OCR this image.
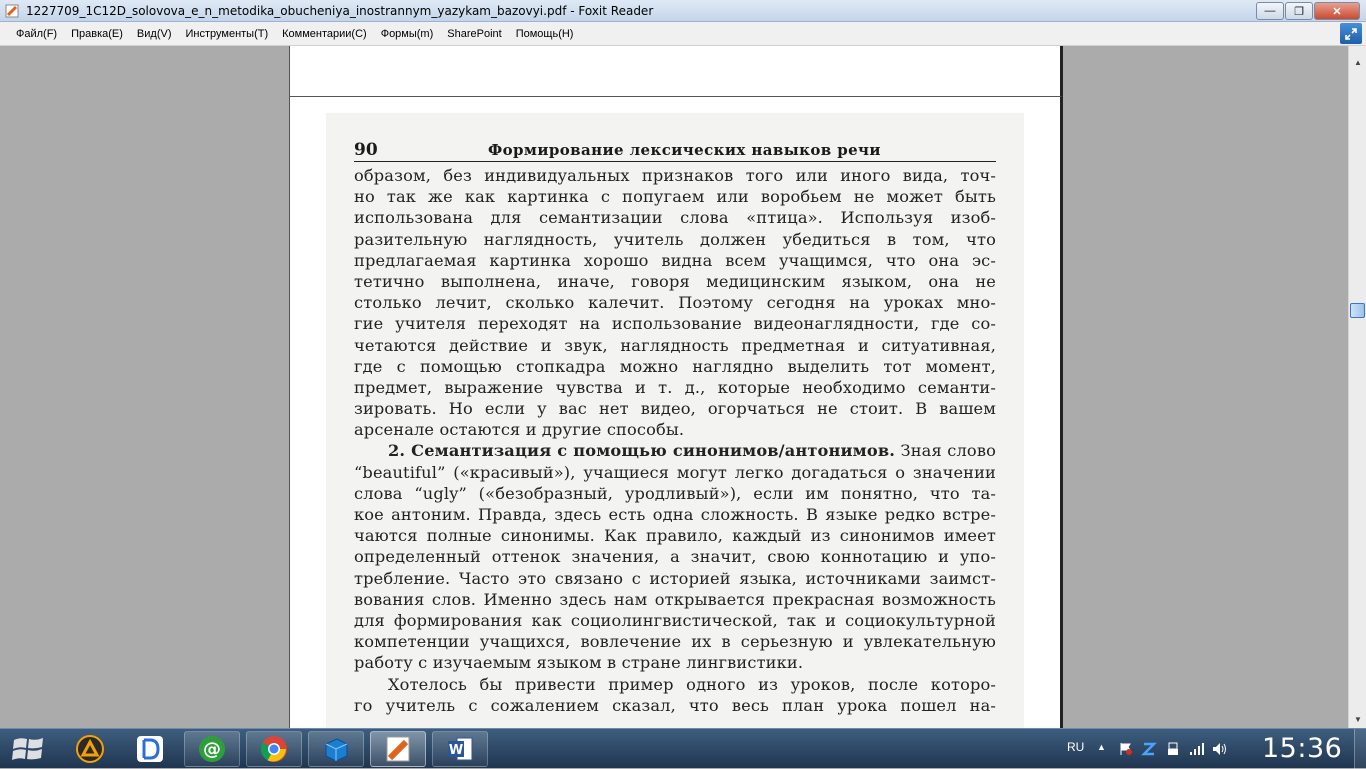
1227709_1C12D_solovova_e_n_metodika_obucheniya_inostrannym_yazykam_bazovyi.pdf - Foxit Reader	—	❐	✕
Файл(F)	Правка(E)	Вид(V)	Инструменты(T)	Комментарии(C)	Формы(m)	SharePoint	Помощь(H)
90	Формирование лексических навыков речи
образом, без индивидуальных признаков того или иного вида, точ-
но так же как картинка с попугаем или воробьем не может быть
использована для семантизации слова «птица». Используя изоб-
разительную наглядность, учитель должен убедиться в том, что
предлагаемая картинка хорошо видна всем учащимся, что она эс-
тетично выполнена, иначе, говоря медицинским языком, она не
столько лечит, сколько калечит. Поэтому сегодня на уроках мно-
гие учителя переходят на использование видеонаглядности, где со-
четаются действие и звук, наглядность предметная и ситуативная,
где с помощью стопкадра можно наглядно выделить тот момент,
предмет, выражение чувства и т. д., которые необходимо семанти-
зировать. Но если у вас нет видео, огорчаться не стоит. В вашем
арсенале остаются и другие способы.
2. Семантизация с помощью синонимов/антонимов. Зная слово
“beautiful” («красивый»), учащиеся могут легко догадаться о значении
слова “ugly” («безобразный, уродливый»), если им понятно, что та-
кое антоним. Правда, здесь есть одна сложность. В языке редко встре-
чаются полные синонимы. Как правило, каждый из синонимов имеет
определенный оттенок значения, а значит, свою коннотацию и упо-
требление. Часто это связано с историей языка, источниками заимст-
вования слов. Именно здесь нам открывается прекрасная возможность
для формирования как социолингвистической, так и социокультурной
компетенции учащихся, вовлечение их в серьезную и увлекательную
работу с изучаемым языком в стране лингвистики.
Хотелось бы привести пример одного из уроков, после которо-
го учитель с сожалением сказал, что весь план урока пошел на-
▲
▼
@	W	RU ▲	15:36
